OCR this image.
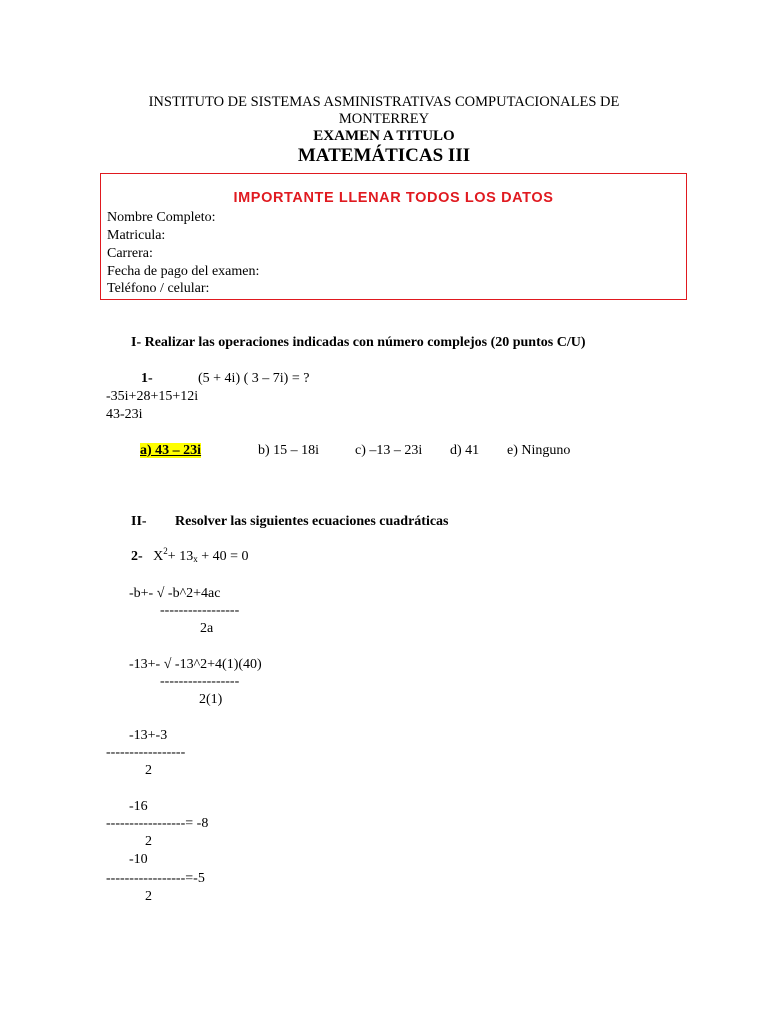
INSTITUTO DE SISTEMAS ASMINISTRATIVAS COMPUTACIONALES DE
MONTERREY
EXAMEN A TITULO
MATEMÁTICAS III
IMPORTANTE LLENAR TODOS LOS DATOS
Nombre Completo:
Matricula:
Carrera:
Fecha de pago del examen:
Teléfono / celular:
I- Realizar las operaciones indicadas con número complejos (20 puntos C/U)
1-	(5 + 4i) ( 3 – 7i) = ?
-35i+28+15+12i
43-23i
a) 43 – 23i	b) 15 – 18i	c) –13 – 23i d) 41 e) Ninguno
II- Resolver las siguientes ecuaciones cuadráticas
2- $X^2+ 13_x + 40 = 0$
-b+- √ -b^2+4ac
-----------------
2a
-13+- √ -13^2+4(1)(40)
-----------------
2(1)
-13+-3
-----------------
2
-16
-----------------= -8
2
-10
-----------------=-5
2
